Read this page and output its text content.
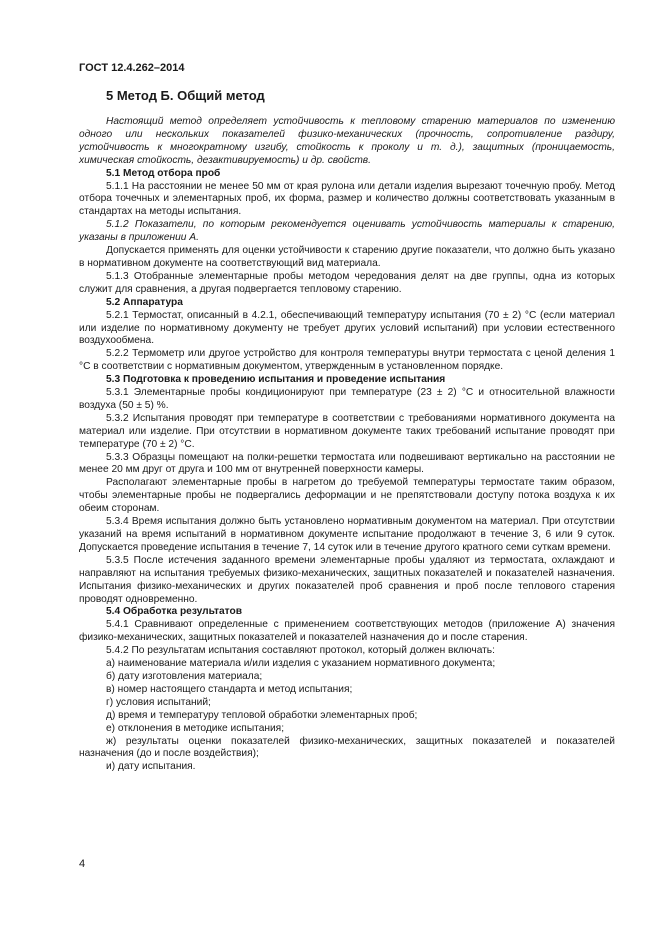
ГОСТ 12.4.262–2014
5 Метод Б. Общий метод
Настоящий метод определяет устойчивость к тепловому старению материалов по изменению одного или нескольких показателей физико-механических (прочность, сопротивление раздиру, устойчивость к многократному изгибу, стойкость к проколу и т. д.), защитных (проницаемость, химическая стойкость, дезактивируемость) и др. свойств.
5.1 Метод отбора проб
5.1.1 На расстоянии не менее 50 мм от края рулона или детали изделия вырезают точечную пробу. Метод отбора точечных и элементарных проб, их форма, размер и количество должны соответствовать указанным в стандартах на методы испытания.
5.1.2 Показатели, по которым рекомендуется оценивать устойчивость материалы к старению, указаны в приложении А.
Допускается применять для оценки устойчивости к старению другие показатели, что должно быть указано в нормативном документе на соответствующий вид материала.
5.1.3 Отобранные элементарные пробы методом чередования делят на две группы, одна из которых служит для сравнения, а другая подвергается тепловому старению.
5.2 Аппаратура
5.2.1 Термостат, описанный в 4.2.1, обеспечивающий температуру испытания (70 ± 2) °С (если материал или изделие по нормативному документу не требует других условий испытаний) при условии естественного воздухообмена.
5.2.2 Термометр или другое устройство для контроля температуры внутри термостата с ценой деления 1 °С в соответствии с нормативным документом, утвержденным в установленном порядке.
5.3 Подготовка к проведению испытания и проведение испытания
5.3.1 Элементарные пробы кондиционируют при температуре (23 ± 2) °С и относительной влажности воздуха (50 ± 5) %.
5.3.2 Испытания проводят при температуре в соответствии с требованиями нормативного документа на материал или изделие. При отсутствии в нормативном документе таких требований испытание проводят при температуре (70 ± 2) °С.
5.3.3 Образцы помещают на полки-решетки термостата или подвешивают вертикально на расстоянии не менее 20 мм друг от друга и 100 мм от внутренней поверхности камеры.
Располагают элементарные пробы в нагретом до требуемой температуры термостате таким образом, чтобы элементарные пробы не подвергались деформации и не препятствовали доступу потока воздуха к их обеим сторонам.
5.3.4 Время испытания должно быть установлено нормативным документом на материал. При отсутствии указаний на время испытаний в нормативном документе испытание продолжают в течение 3, 6 или 9 суток. Допускается проведение испытания в течение 7, 14 суток или в течение другого кратного семи суткам времени.
5.3.5 После истечения заданного времени элементарные пробы удаляют из термостата, охлаждают и направляют на испытания требуемых физико-механических, защитных показателей и показателей назначения. Испытания физико-механических и других показателей проб сравнения и проб после теплового старения проводят одновременно.
5.4 Обработка результатов
5.4.1 Сравнивают определенные с применением соответствующих методов (приложение А) значения физико-механических, защитных показателей и показателей назначения до и после старения.
5.4.2 По результатам испытания составляют протокол, который должен включать:
а) наименование материала и/или изделия с указанием нормативного документа;
б) дату изготовления материала;
в) номер настоящего стандарта и метод испытания;
г) условия испытаний;
д) время и температуру тепловой обработки элементарных проб;
е) отклонения в методике испытания;
ж) результаты оценки показателей физико-механических, защитных показателей и показателей назначения (до и после воздействия);
и) дату испытания.
4
